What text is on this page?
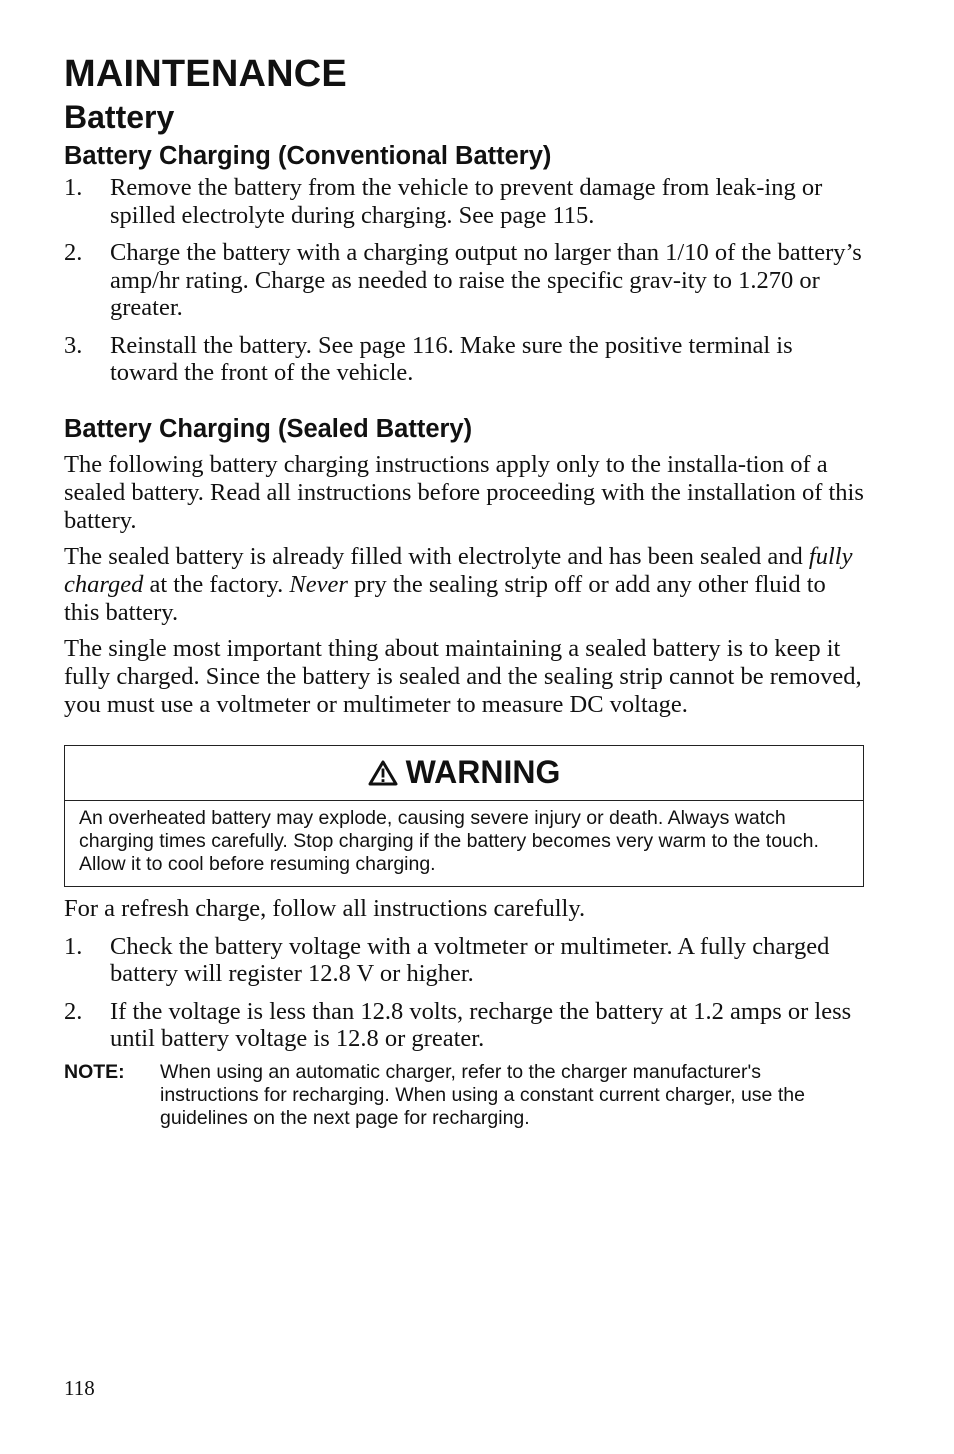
MAINTENANCE
Battery
Battery Charging (Conventional Battery)
1. Remove the battery from the vehicle to prevent damage from leak-ing or spilled electrolyte during charging. See page 115.
2. Charge the battery with a charging output no larger than 1/10 of the battery’s amp/hr rating. Charge as needed to raise the specific grav-ity to 1.270 or greater.
3. Reinstall the battery. See page 116. Make sure the positive terminal is toward the front of the vehicle.
Battery Charging (Sealed Battery)

The following battery charging instructions apply only to the installa-tion of a sealed battery. Read all instructions before proceeding with the installation of this battery.

The sealed battery is already filled with electrolyte and has been sealed and fully charged at the factory. Never pry the sealing strip off or add any other fluid to this battery.

The single most important thing about maintaining a sealed battery is to keep it fully charged. Since the battery is sealed and the sealing strip cannot be removed, you must use a voltmeter or multimeter to measure DC voltage.

WARNING
An overheated battery may explode, causing severe injury or death. Always watch charging times carefully. Stop charging if the battery becomes very warm to the touch. Allow it to cool before resuming charging.

For a refresh charge, follow all instructions carefully.

1. Check the battery voltage with a voltmeter or multimeter. A fully charged battery will register 12.8 V or higher.
2. If the voltage is less than 12.8 volts, recharge the battery at 1.2 amps or less until battery voltage is 12.8 or greater.
NOTE:	When using an automatic charger, refer to the charger manufacturer's instructions for recharging. When using a constant current charger, use the guidelines on the next page for recharging.
118
